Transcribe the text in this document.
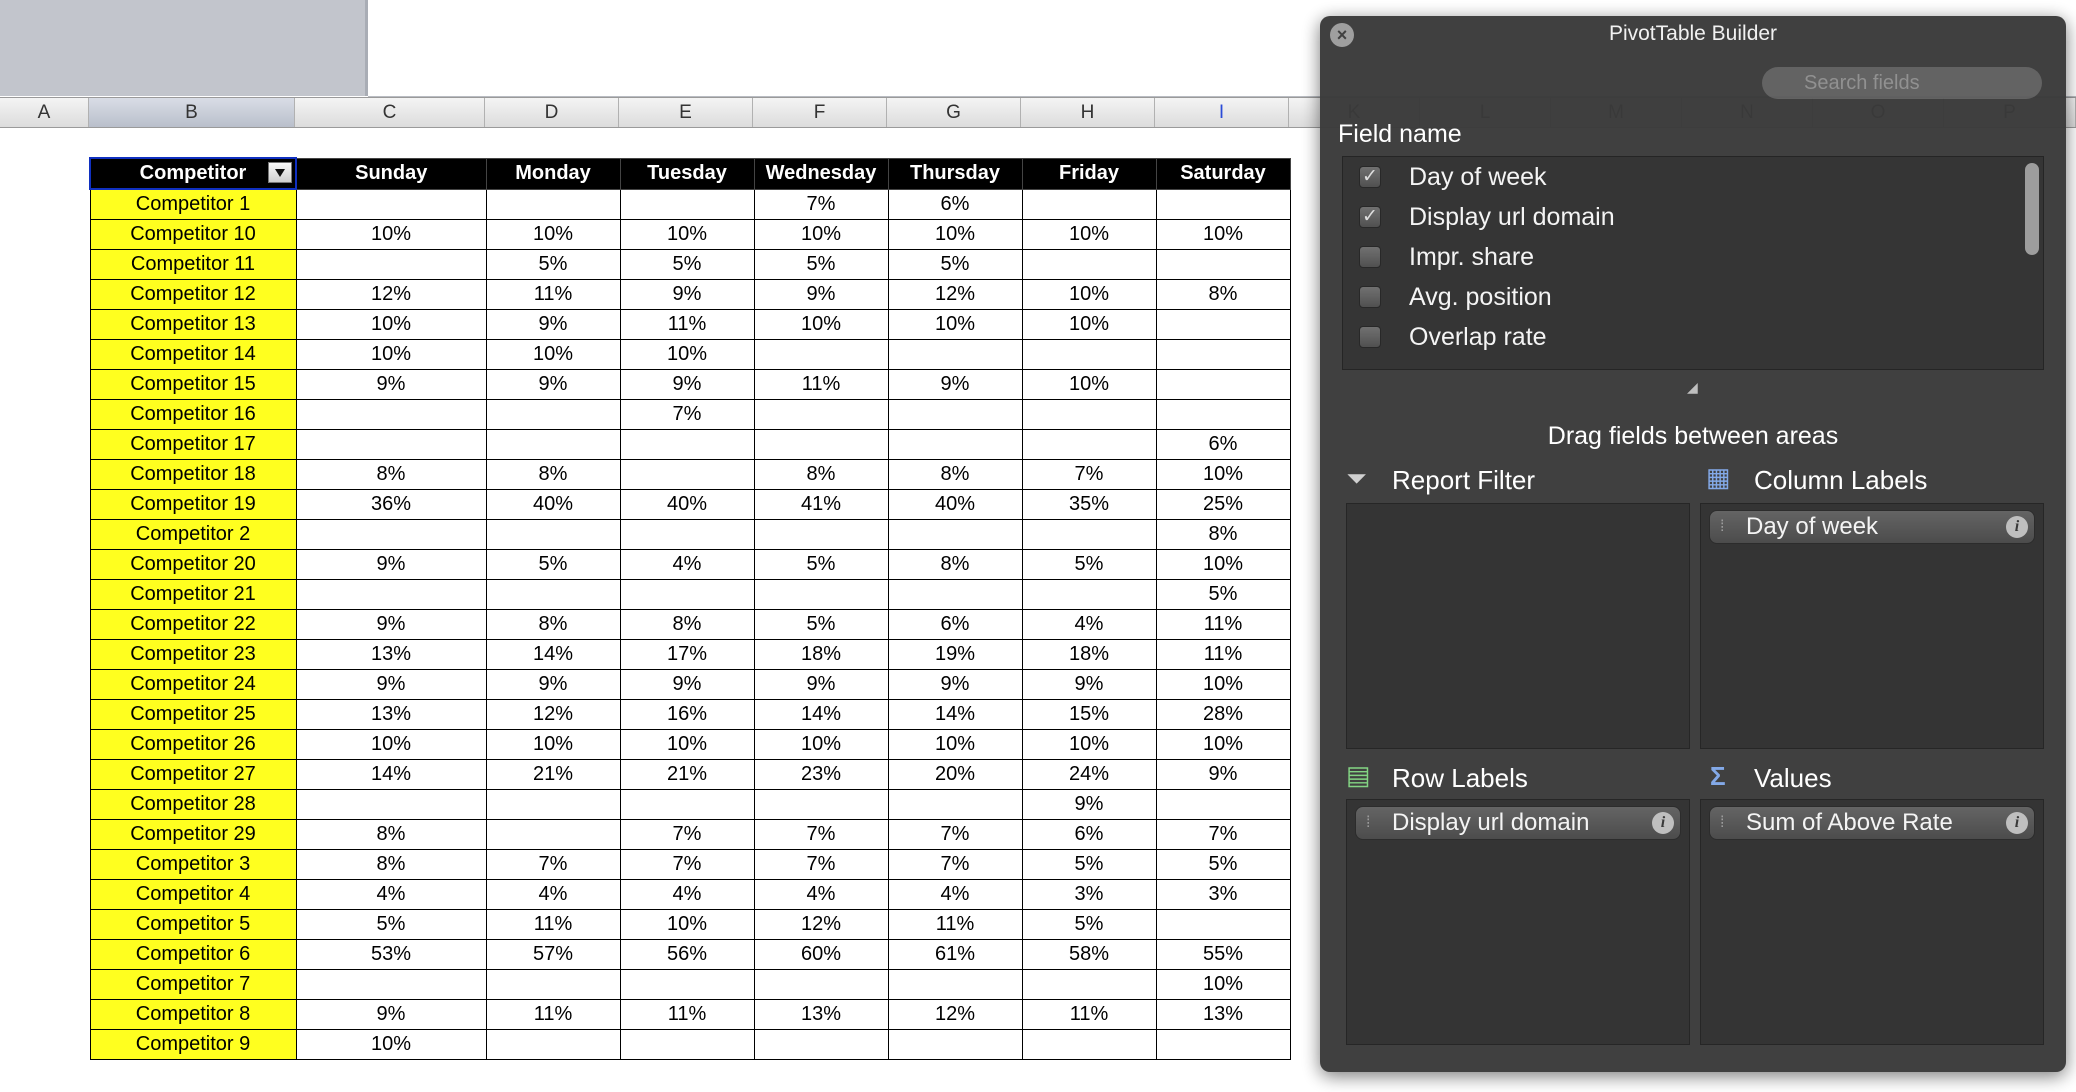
A	B	C	D	E	F	G	H	I
Competitor	Sunday	Monday	Tuesday	Wednesday	Thursday	Friday	Saturday
Competitor 1				7%	6%		
Competitor 10	10%	10%	10%	10%	10%	10%	10%
Competitor 11		5%	5%	5%	5%		
Competitor 12	12%	11%	9%	9%	12%	10%	8%
Competitor 13	10%	9%	11%	10%	10%	10%	
Competitor 14	10%	10%	10%				
Competitor 15	9%	9%	9%	11%	9%	10%	
Competitor 16			7%				
Competitor 17							6%
Competitor 18	8%	8%		8%	8%	7%	10%
Competitor 19	36%	40%	40%	41%	40%	35%	25%
Competitor 2							8%
Competitor 20	9%	5%	4%	5%	8%	5%	10%
Competitor 21							5%
Competitor 22	9%	8%	8%	5%	6%	4%	11%
Competitor 23	13%	14%	17%	18%	19%	18%	11%
Competitor 24	9%	9%	9%	9%	9%	9%	10%
Competitor 25	13%	12%	16%	14%	14%	15%	28%
Competitor 26	10%	10%	10%	10%	10%	10%	10%
Competitor 27	14%	21%	21%	23%	20%	24%	9%
Competitor 28						9%	
Competitor 29	8%		7%	7%	7%	6%	7%
Competitor 3	8%	7%	7%	7%	7%	5%	5%
Competitor 4	4%	4%	4%	4%	4%	3%	3%
Competitor 5	5%	11%	10%	12%	11%	5%	
Competitor 6	53%	57%	56%	60%	61%	58%	55%
Competitor 7							10%
Competitor 8	9%	11%	11%	13%	12%	11%	13%
Competitor 9	10%						
×	PivotTable Builder
Search fields
Field name
✓ Day of week
✓ Display url domain
Impr. share
Avg. position
Overlap rate
◢
Drag fields between areas
⏷ Report Filter	▦ Column Labels
⁞ Day of week	i
▤ Row Labels
⁞ Display url domain	i
Σ Values
⁞ Sum of Above Rate	i
